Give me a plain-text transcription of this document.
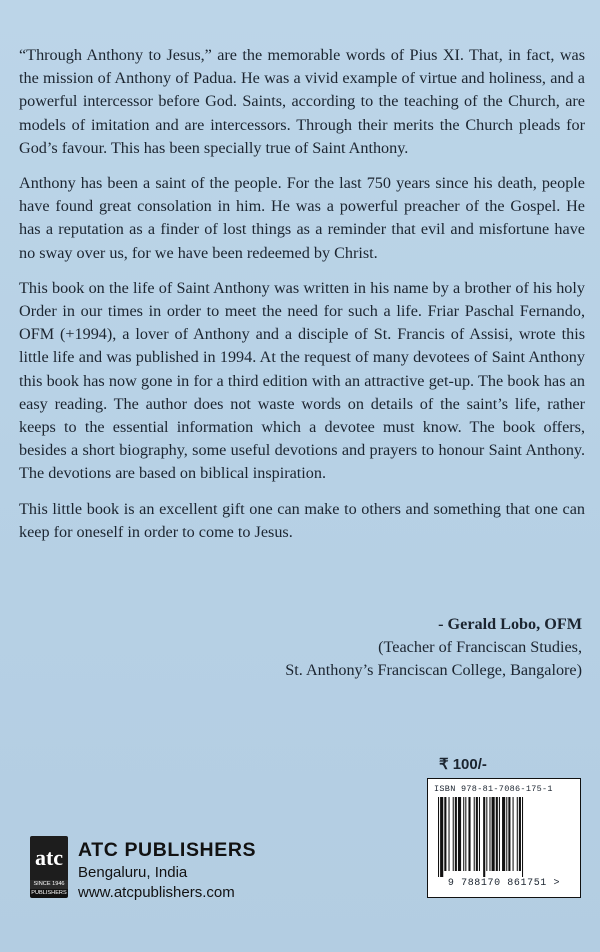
“Through Anthony to Jesus,” are the memorable words of Pius XI. That, in fact, was the mission of Anthony of Padua. He was a vivid example of virtue and holiness, and a powerful intercessor before God. Saints, according to the teaching of the Church, are models of imitation and are intercessors. Through their merits the Church pleads for God’s favour. This has been specially true of Saint Anthony.

Anthony has been a saint of the people. For the last 750 years since his death, people have found great consolation in him. He was a powerful preacher of the Gospel. He has a reputation as a finder of lost things as a reminder that evil and misfortune have no sway over us, for we have been redeemed by Christ.

This book on the life of Saint Anthony was written in his name by a brother of his holy Order in our times in order to meet the need for such a life. Friar Paschal Fernando, OFM (+1994), a lover of Anthony and a disciple of St. Francis of Assisi, wrote this little life and was published in 1994. At the request of many devotees of Saint Anthony this book has now gone in for a third edition with an attractive get-up. The book has an easy reading. The author does not waste words on details of the saint’s life, rather keeps to the essential information which a devotee must know. The book offers, besides a short biography, some useful devotions and prayers to honour Saint Anthony. The devotions are based on biblical inspiration.

This little book is an excellent gift one can make to others and something that one can keep for oneself in order to come to Jesus.

- Gerald Lobo, OFM
(Teacher of Franciscan Studies,
St. Anthony’s Franciscan College, Bangalore)
₹ 100/-
ISBN 978-81-7086-175-1
9 788170 861751 >
atc
SINCE 1946
PUBLISHERS
ATC PUBLISHERS
Bengaluru, India
www.atcpublishers.com
